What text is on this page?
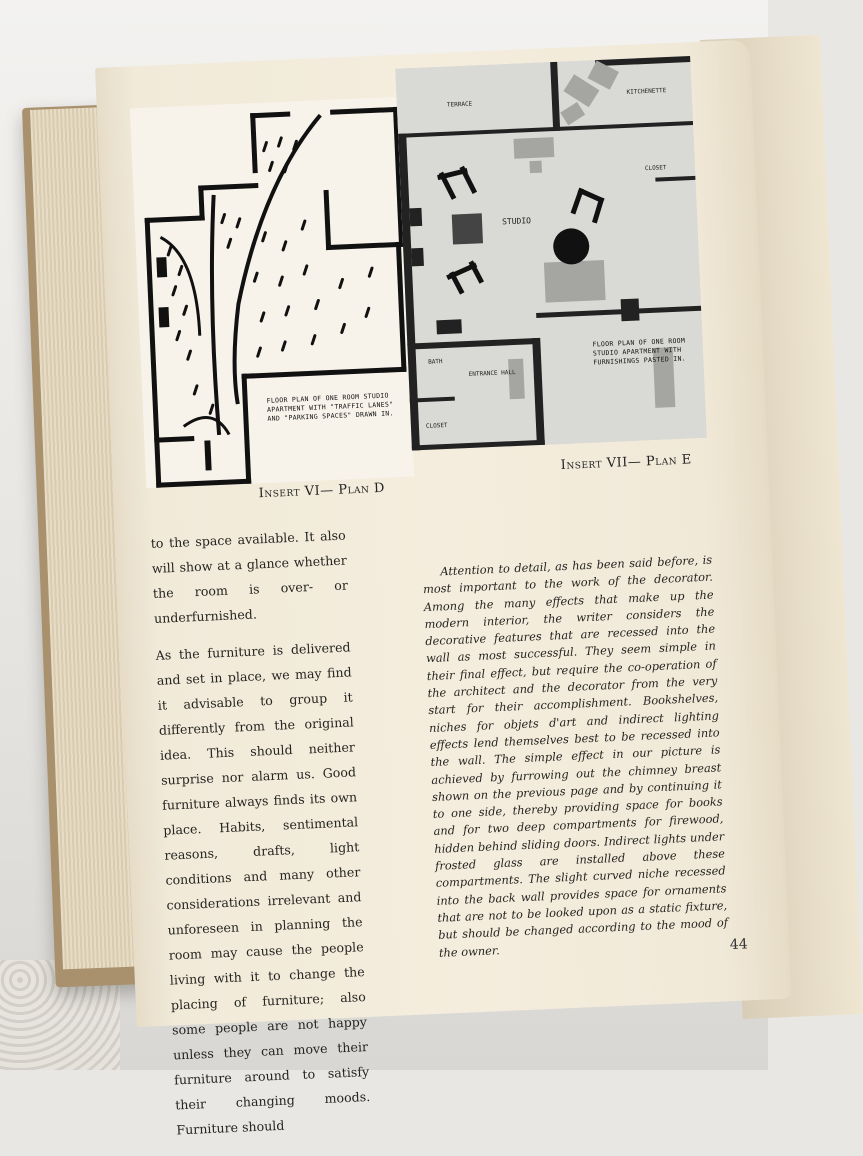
FLOOR PLAN OF ONE ROOM STUDIO APARTMENT WITH "TRAFFIC LANES" AND "PARKING SPACES" DRAWN IN.
Insert VI— Plan D
TERRACE
KITCHENETTE
CLOSET
STUDIO
BATH
ENTRANCE HALL
CLOSET
FLOOR PLAN OF ONE ROOM STUDIO APARTMENT WITH FURNISHINGS PASTED IN.
Insert VII— Plan E

to the space available. It also will show at a glance whether the room is over- or underfurnished.

As the furniture is delivered and set in place, we may find it advisable to group it differently from the original idea. This should neither surprise nor alarm us. Good furniture always finds its own place. Habits, sentimental reasons, drafts, light conditions and many other considerations irrelevant and unforeseen in planning the room may cause the people living with it to change the placing of furniture; also some people are not happy unless they can move their furniture around to satisfy their changing moods. Furniture should

Attention to detail, as has been said before, is most important to the work of the decorator. Among the many effects that make up the modern interior, the writer considers the decorative features that are recessed into the wall as most successful. They seem simple in their final effect, but require the co-operation of the architect and the decorator from the very start for their accomplishment. Bookshelves, niches for objets d'art and indirect lighting effects lend themselves best to be recessed into the wall. The simple effect in our picture is achieved by furrowing out the chimney breast shown on the previous page and by continuing it to one side, thereby providing space for books and for two deep compartments for firewood, hidden behind sliding doors. Indirect lights under frosted glass are installed above these compartments. The slight curved niche recessed into the back wall provides space for ornaments that are not to be looked upon as a static fixture, but should be changed according to the mood of the owner.	44
